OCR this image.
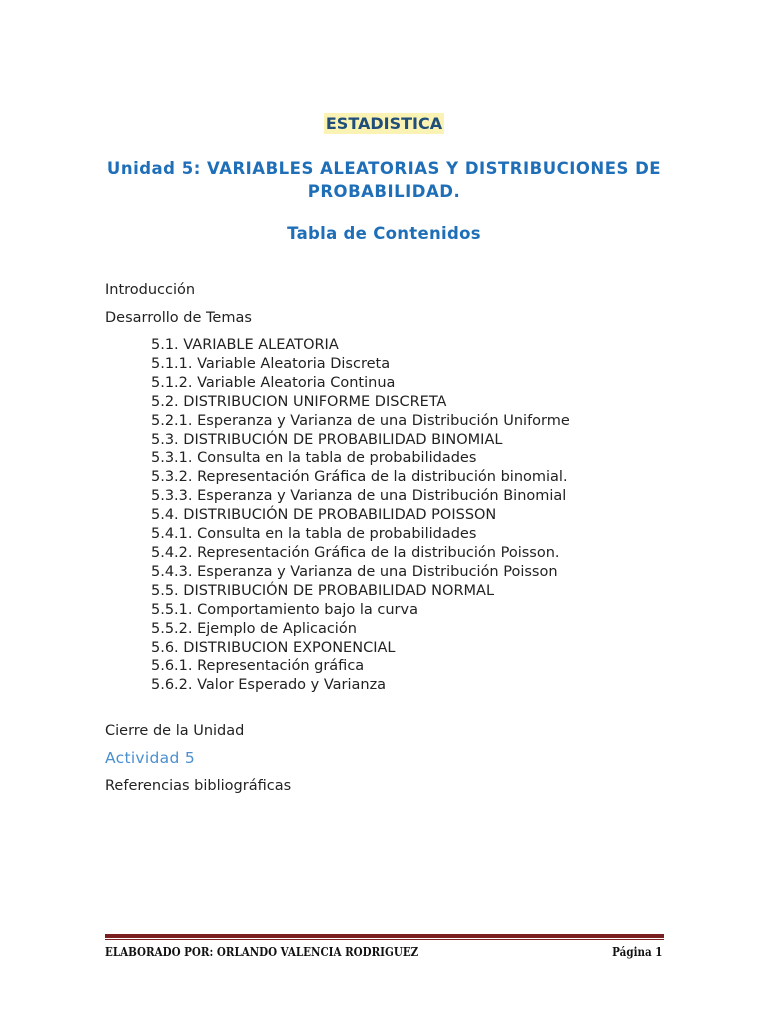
ESTADISTICA
Unidad 5: VARIABLES ALEATORIAS Y DISTRIBUCIONES DE PROBABILIDAD.
Tabla de Contenidos
Introducción
Desarrollo de Temas
5.1. VARIABLE ALEATORIA
5.1.1. Variable Aleatoria Discreta
5.1.2. Variable Aleatoria Continua
5.2. DISTRIBUCION UNIFORME DISCRETA
5.2.1. Esperanza y Varianza de una Distribución Uniforme
5.3. DISTRIBUCIÓN DE PROBABILIDAD BINOMIAL
5.3.1. Consulta en la tabla de probabilidades
5.3.2. Representación Gráfica de la distribución binomial.
5.3.3. Esperanza y Varianza de una Distribución Binomial
5.4. DISTRIBUCIÓN DE PROBABILIDAD POISSON
5.4.1. Consulta en la tabla de probabilidades
5.4.2. Representación Gráfica de la distribución Poisson.
5.4.3. Esperanza y Varianza de una Distribución Poisson
5.5. DISTRIBUCIÓN DE PROBABILIDAD NORMAL
5.5.1. Comportamiento bajo la curva
5.5.2. Ejemplo de Aplicación
5.6. DISTRIBUCION EXPONENCIAL
5.6.1. Representación gráfica
5.6.2. Valor Esperado y Varianza
Cierre de la Unidad
Actividad 5
Referencias bibliográficas
ELABORADO POR: ORLANDO VALENCIA RODRIGUEZ	Página 1
